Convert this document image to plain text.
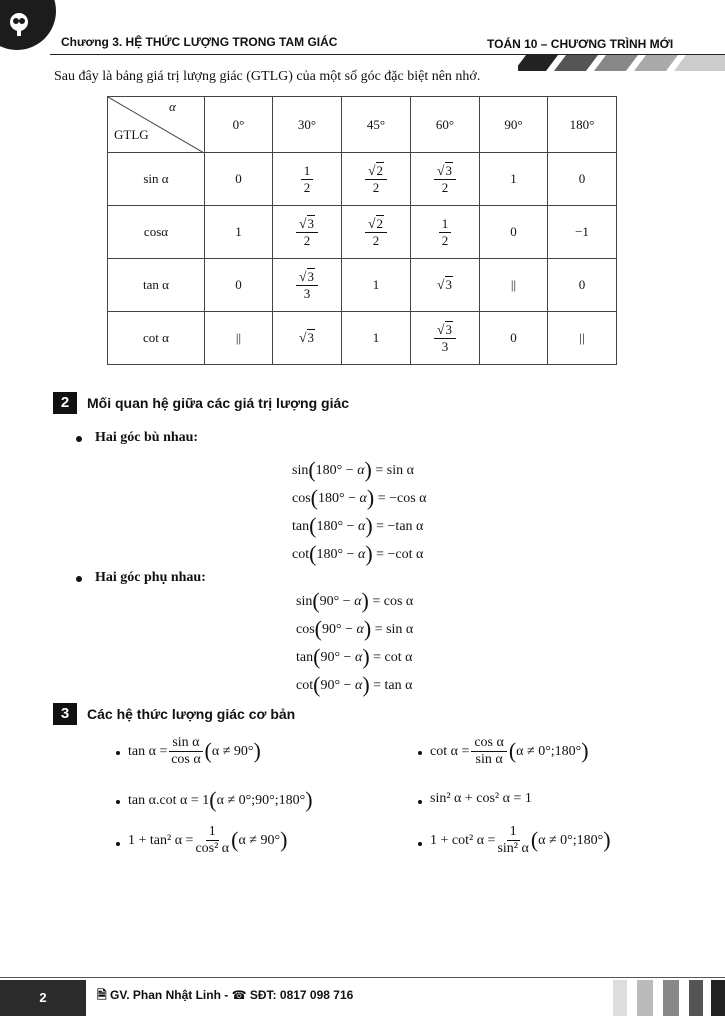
Chương 3. HỆ THỨC LƯỢNG TRONG TAM GIÁC	TOÁN 10 – CHƯƠNG TRÌNH MỚI
Sau đây là bảng giá trị lượng giác (GTLG) của một số góc đặc biệt nên nhớ.
α
GTLG	0°	30°	45°	60°	90°	180°
sin α	0	$\frac{1}{2}$	$\frac{√2}{2}$	$\frac{√3}{2}$	1	0
cosα	1	$\frac{√3}{2}$	$\frac{√2}{2}$	$\frac{1}{2}$	0	−1
tan α	0	$\frac{√3}{3}$	1	√3	||	0
cot α	||	√3	1	$\frac{√3}{3}$	0	||
2	Mối quan hệ giữa các giá trị lượng giác
Hai góc bù nhau:
sin(180° − α) = sin α
cos(180° − α) = −cos α
tan(180° − α) = −tan α
cot(180° − α) = −cot α
Hai góc phụ nhau:
sin(90° − α) = cos α
cos(90° − α) = sin α
tan(90° − α) = cot α
cot(90° − α) = tan α
3	Các hệ thức lượng giác cơ bản
$\tan \alpha = \frac{\text{sin α}}{\text{cos α}} (\alpha \ne 90^\circ)$	$\cot \alpha = \frac{\text{cos α}}{\text{sin α}} (\alpha$ ≠ 0°;180°)
tan α.cot α = 1(α ≠ 0°;90°;180°)	sin² α + cos² α = 1
1 + tan² $\alpha = \frac{1}{\text{cos² α}} (\alpha \ne 90^\circ)$	1 + cot² $\alpha = \frac{1}{\text{sin² α}} (\alpha$ ≠ 0°;180°)
2	🗎 GV. Phan Nhật Linh - ☎ SĐT: 0817 098 716
